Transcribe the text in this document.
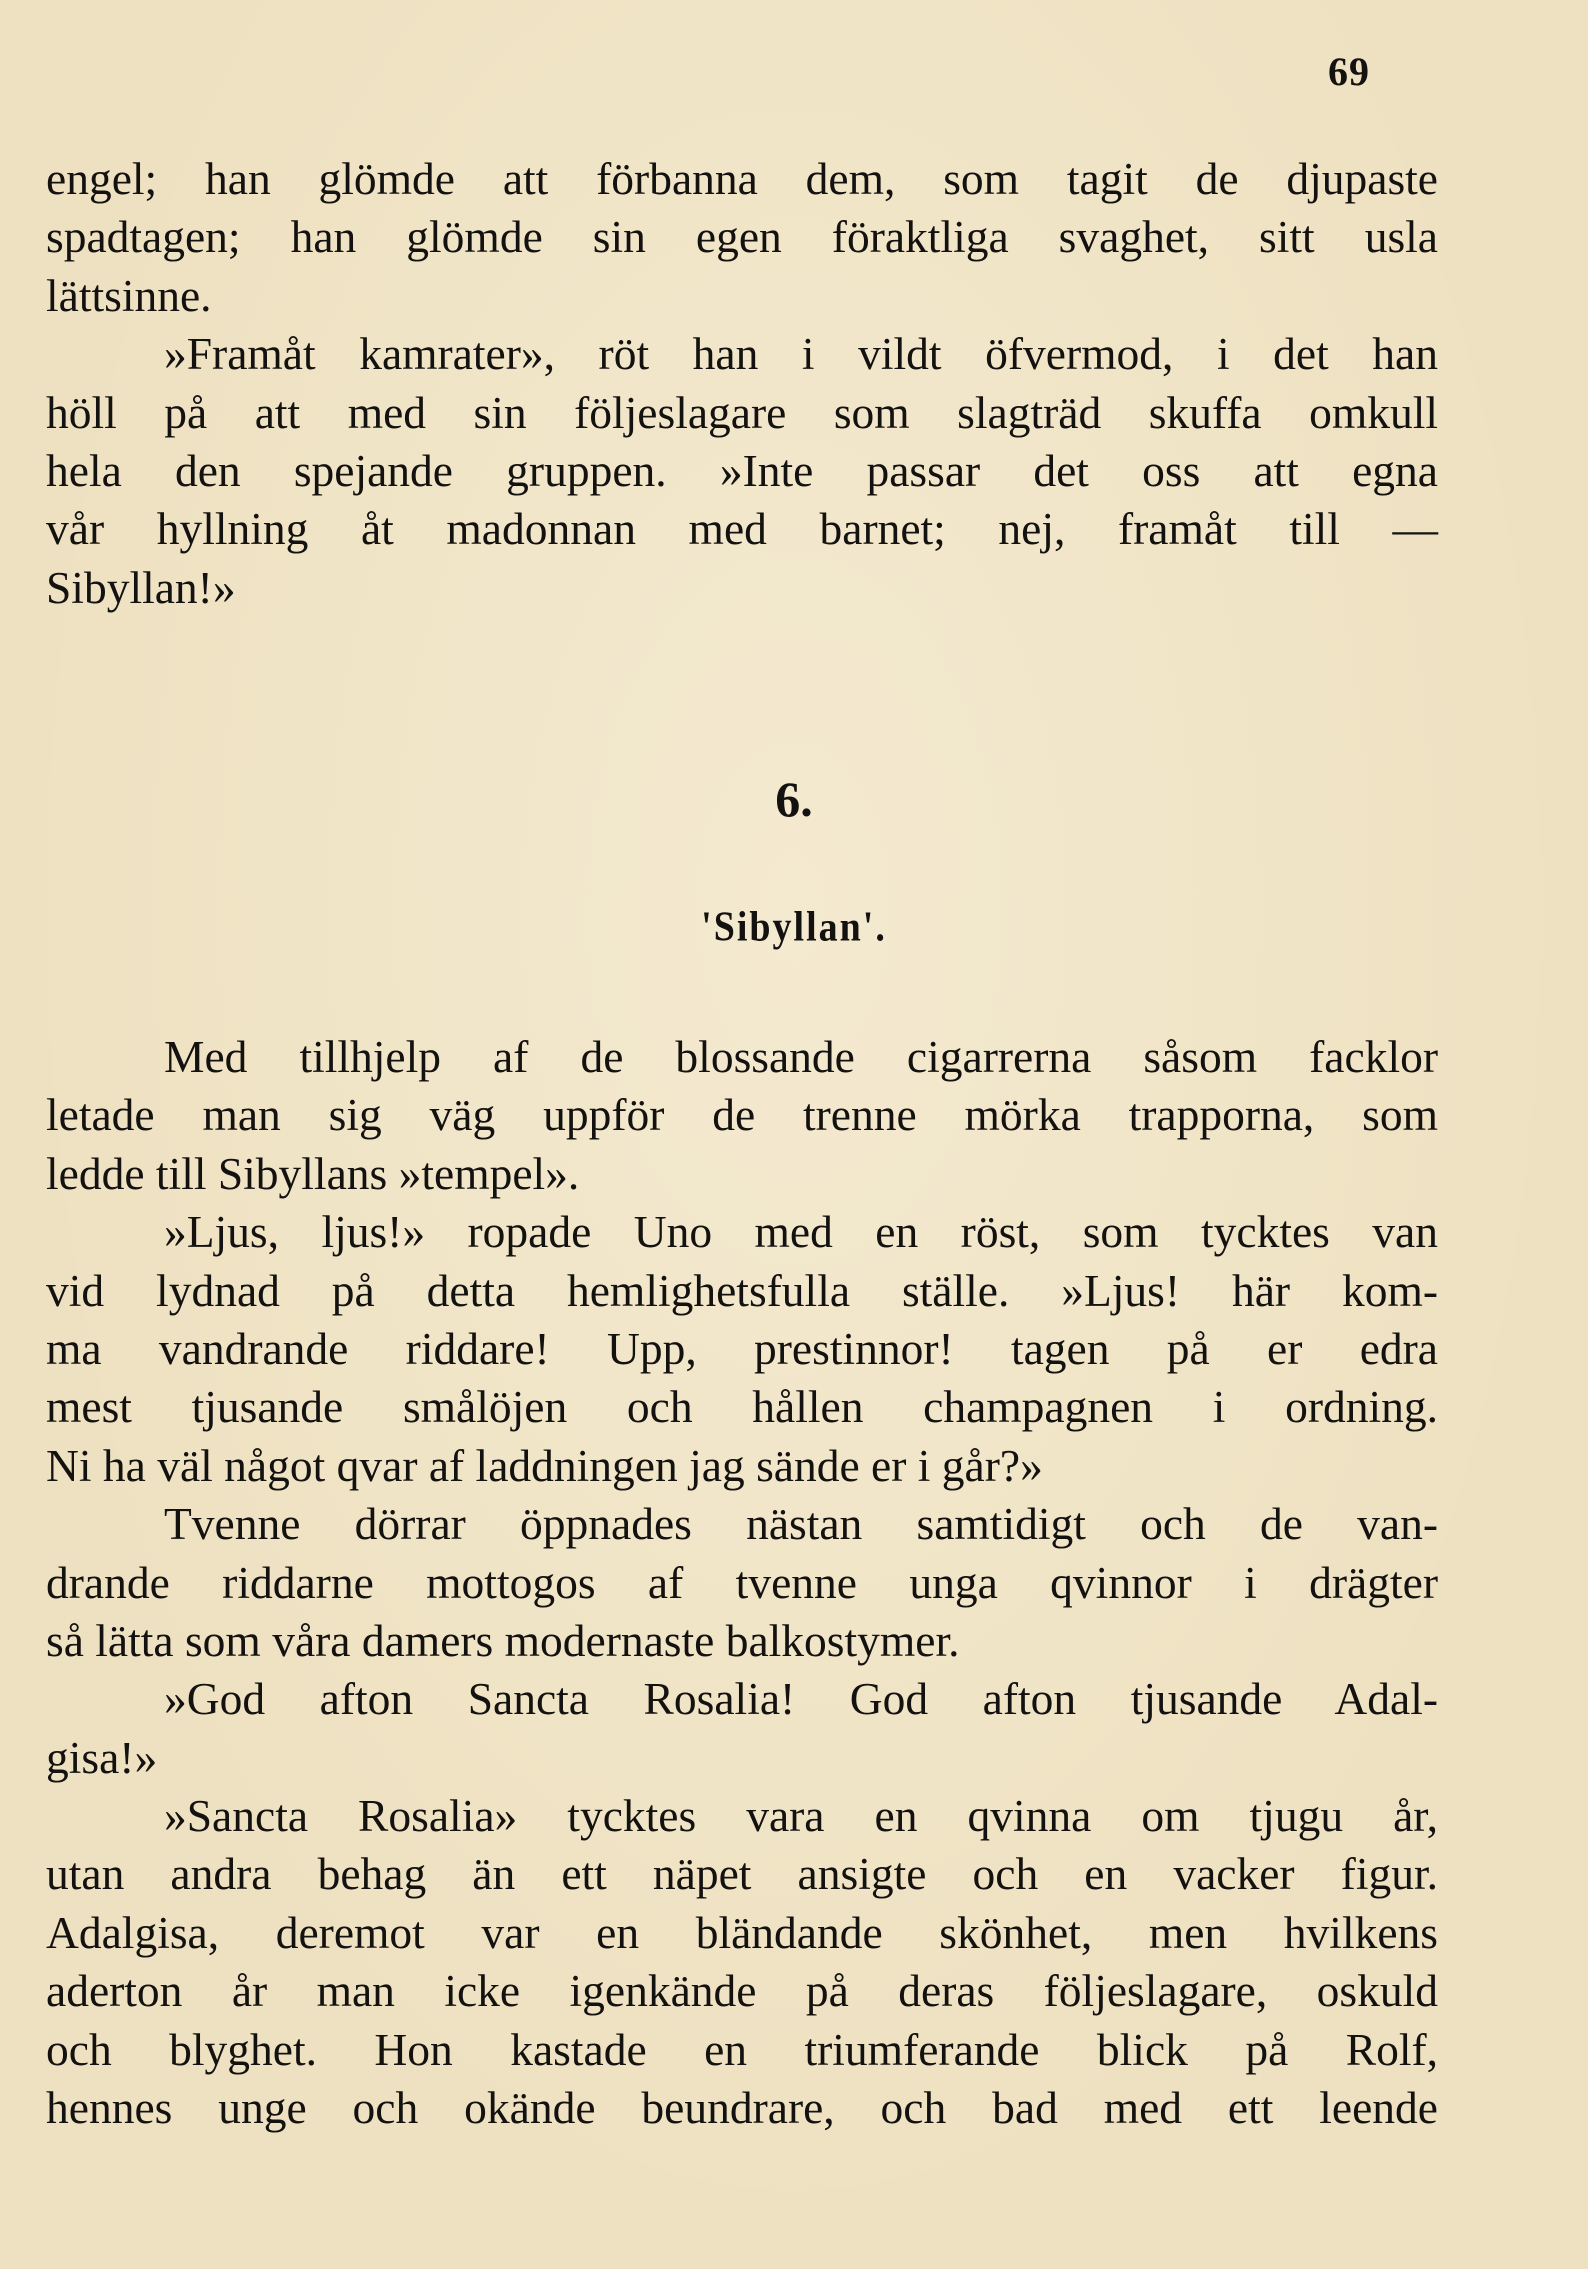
69
engel; han glömde att förbanna dem, som tagit de djupaste
spadtagen; han glömde sin egen föraktliga svaghet, sitt usla
lättsinne.
»Framåt kamrater», röt han i vildt öfvermod, i det han
höll på att med sin följeslagare som slagträd skuffa omkull
hela den spejande gruppen. »Inte passar det oss att egna
vår hyllning åt madonnan med barnet; nej, framåt till —
Sibyllan!»
6.
'Sibyllan'.
Med tillhjelp af de blossande cigarrerna såsom facklor
letade man sig väg uppför de trenne mörka trapporna, som
ledde till Sibyllans »tempel».
»Ljus, ljus!» ropade Uno med en röst, som tycktes van
vid lydnad på detta hemlighetsfulla ställe. »Ljus! här kom-
ma vandrande riddare! Upp, prestinnor! tagen på er edra
mest tjusande smålöjen och hållen champagnen i ordning.
Ni ha väl något qvar af laddningen jag sände er i går?»
Tvenne dörrar öppnades nästan samtidigt och de van-
drande riddarne mottogos af tvenne unga qvinnor i drägter
så lätta som våra damers modernaste balkostymer.
»God afton Sancta Rosalia! God afton tjusande Adal-
gisa!»
»Sancta Rosalia» tycktes vara en qvinna om tjugu år,
utan andra behag än ett näpet ansigte och en vacker figur.
Adalgisa, deremot var en bländande skönhet, men hvilkens
aderton år man icke igenkände på deras följeslagare, oskuld
och blyghet. Hon kastade en triumferande blick på Rolf,
hennes unge och okände beundrare, och bad med ett leende
